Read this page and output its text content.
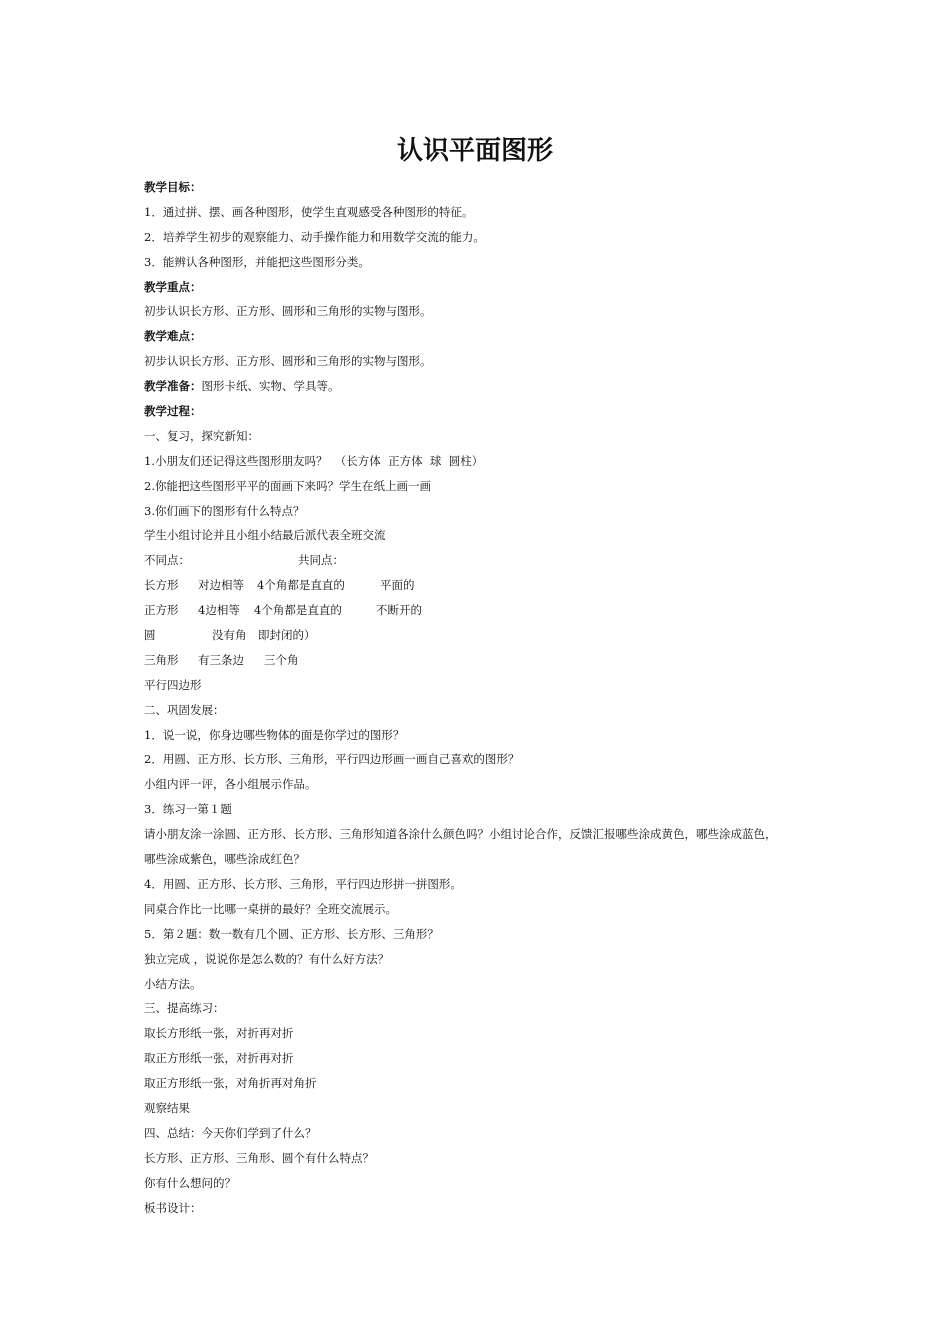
认识平面图形
教学目标：
1．通过拼、摆、画各种图形，使学生直观感受各种图形的特征。
2．培养学生初步的观察能力、动手操作能力和用数学交流的能力。
3．能辨认各种图形，并能把这些图形分类。
教学重点：
初步认识长方形、正方形、圆形和三角形的实物与图形。
教学难点：
初步认识长方形、正方形、圆形和三角形的实物与图形。
教学准备：图形卡纸、实物、学具等。
教学过程：
一、复习，探究新知：
1.小朋友们还记得这些图形朋友吗？  （长方体  正方体  球  圆柱）
2.你能把这些图形平平的面画下来吗？学生在纸上画一画
3.你们画下的图形有什么特点？
学生小组讨论并且小组小结最后派代表全班交流
不同点：	共同点：
长方形 对边相等 4个角都是直直的	平面的
正方形 4边相等 4个角都是直直的	不断开的
圆	没有角 即封闭的）
三角形 有三条边 三个角
平行四边形
二、巩固发展：
1．说一说，你身边哪些物体的面是你学过的图形？
2．用圆、正方形、长方形、三角形，平行四边形画一画自己喜欢的图形？
小组内评一评，各小组展示作品。
3．练习一第１题
请小朋友涂一涂圆、正方形、长方形、三角形知道各涂什么颜色吗？小组讨论合作，反馈汇报哪些涂成黄色，哪些涂成蓝色，
哪些涂成紫色，哪些涂成红色？
4．用圆、正方形、长方形、三角形，平行四边形拼一拼图形。
同桌合作比一比哪一桌拼的最好？全班交流展示。
5．第２题：数一数有几个圆、正方形、长方形、三角形？
独立完成 ，说说你是怎么数的？有什么好方法？
小结方法。
三、提高练习：
取长方形纸一张，对折再对折
取正方形纸一张，对折再对折
取正方形纸一张，对角折再对角折
观察结果
四、总结：今天你们学到了什么？
长方形、正方形、三角形、圆个有什么特点？
你有什么想问的？
板书设计：
